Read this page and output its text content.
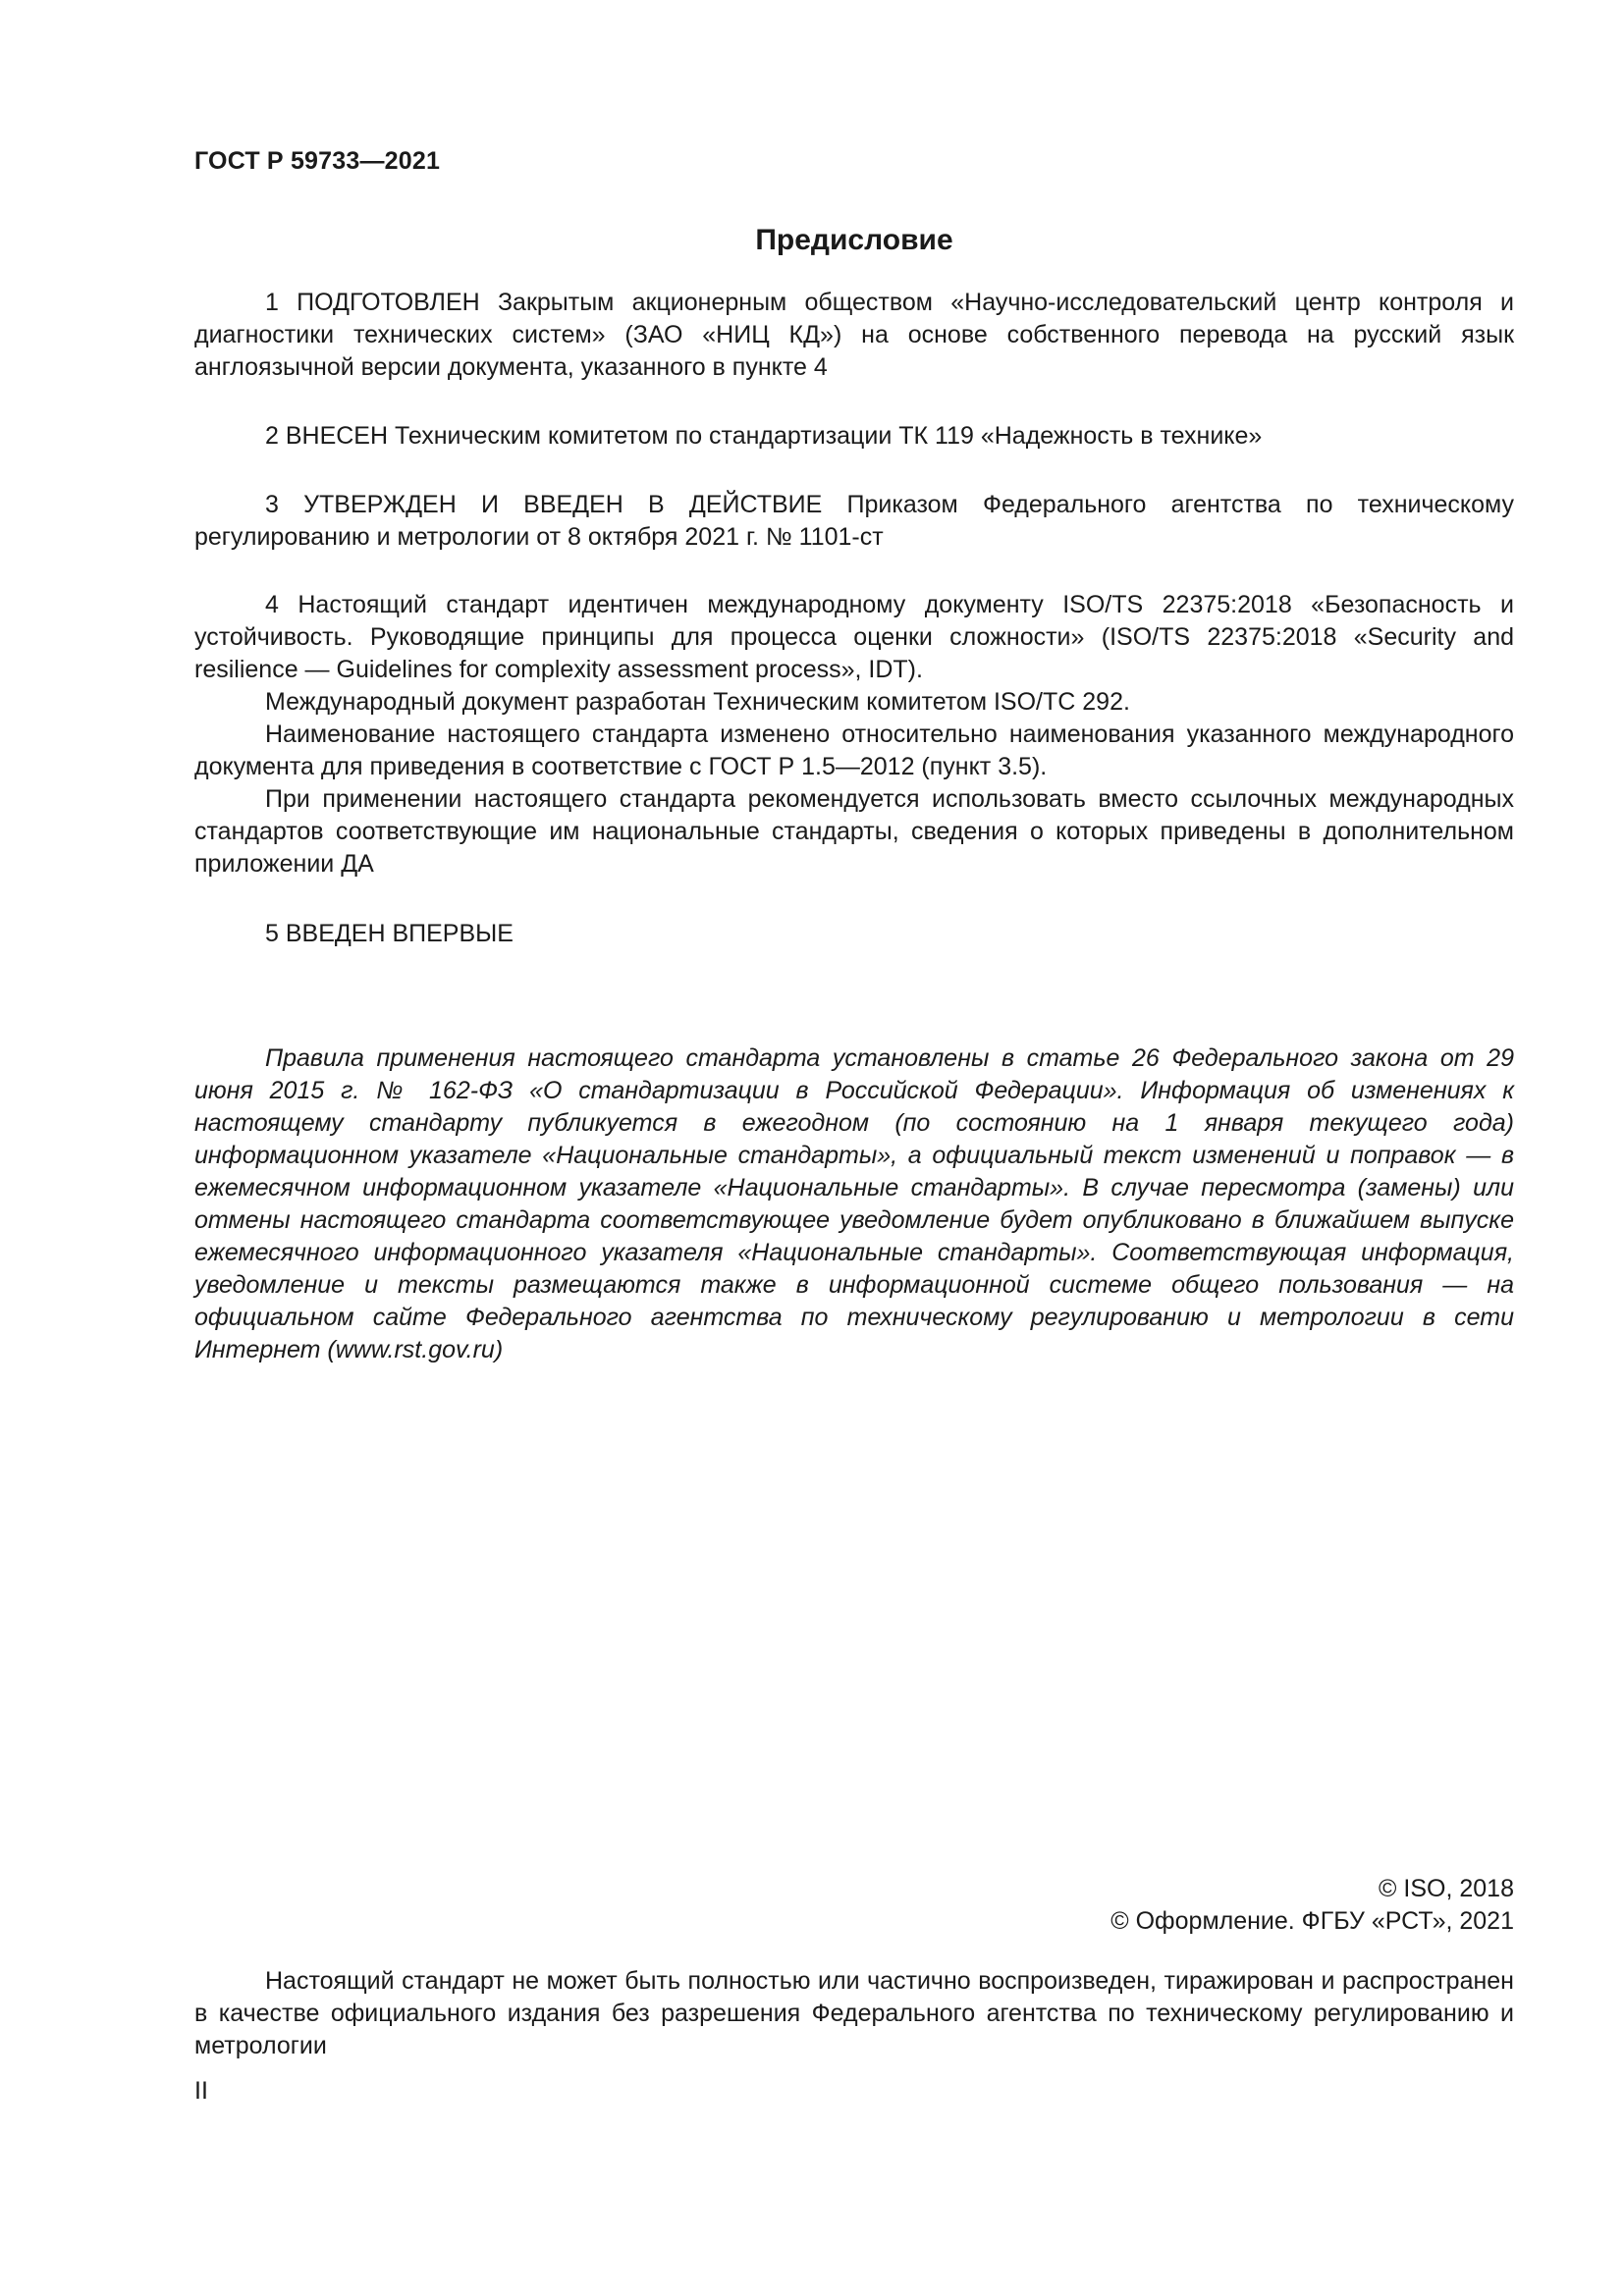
ГОСТ Р 59733—2021
Предисловие

1 ПОДГОТОВЛЕН Закрытым акционерным обществом «Научно-исследовательский центр контроля и диагностики технических систем» (ЗАО «НИЦ КД») на основе собственного перевода на русский язык англоязычной версии документа, указанного в пункте 4

2 ВНЕСЕН Техническим комитетом по стандартизации ТК 119 «Надежность в технике»

3 УТВЕРЖДЕН И ВВЕДЕН В ДЕЙСТВИЕ Приказом Федерального агентства по техническому регулированию и метрологии от 8 октября 2021 г. № 1101-ст

4 Настоящий стандарт идентичен международному документу ISO/TS 22375:2018 «Безопасность и устойчивость. Руководящие принципы для процесса оценки сложности» (ISO/TS 22375:2018 «Security and resilience — Guidelines for complexity assessment process», IDT).

Международный документ разработан Техническим комитетом ISO/TC 292.

Наименование настоящего стандарта изменено относительно наименования указанного международного документа для приведения в соответствие с ГОСТ Р 1.5—2012 (пункт 3.5).

При применении настоящего стандарта рекомендуется использовать вместо ссылочных международных стандартов соответствующие им национальные стандарты, сведения о которых приведены в дополнительном приложении ДА

5 ВВЕДЕН ВПЕРВЫЕ

Правила применения настоящего стандарта установлены в статье 26 Федерального закона от 29 июня 2015 г. № 162-ФЗ «О стандартизации в Российской Федерации». Информация об изменениях к настоящему стандарту публикуется в ежегодном (по состоянию на 1 января текущего года) информационном указателе «Национальные стандарты», а официальный текст изменений и поправок — в ежемесячном информационном указателе «Национальные стандарты». В случае пересмотра (замены) или отмены настоящего стандарта соответствующее уведомление будет опубликовано в ближайшем выпуске ежемесячного информационного указателя «Национальные стандарты». Соответствующая информация, уведомление и тексты размещаются также в информационной системе общего пользования — на официальном сайте Федерального агентства по техническому регулированию и метрологии в сети Интернет (www.rst.gov.ru)

© ISO, 2018
© Оформление. ФГБУ «РСТ», 2021

Настоящий стандарт не может быть полностью или частично воспроизведен, тиражирован и распространен в качестве официального издания без разрешения Федерального агентства по техническому регулированию и метрологии

II
